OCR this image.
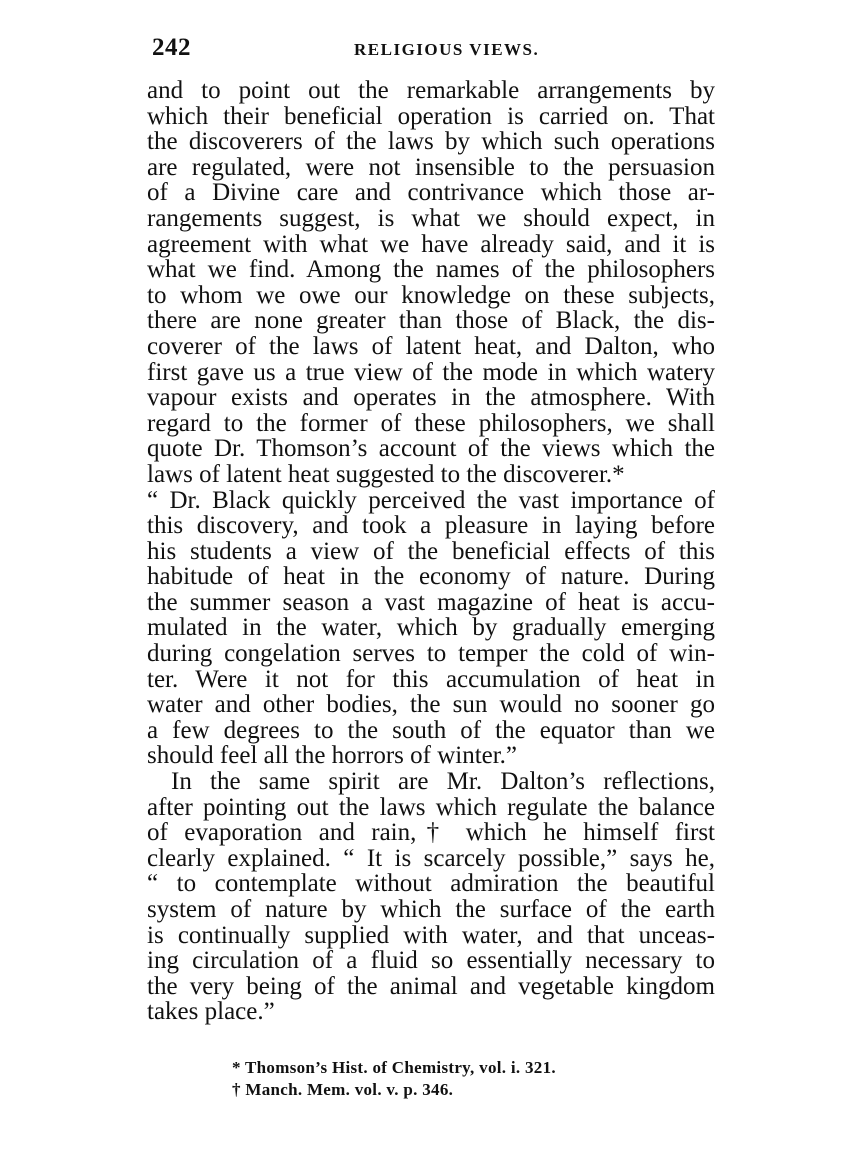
242	RELIGIOUS VIEWS.
and to point out the remarkable arrangements by
which their beneficial operation is carried on. That
the discoverers of the laws by which such operations
are regulated, were not insensible to the persuasion
of a Divine care and contrivance which those ar-
rangements suggest, is what we should expect, in
agreement with what we have already said, and it is
what we find. Among the names of the philosophers
to whom we owe our knowledge on these subjects,
there are none greater than those of Black, the dis-
coverer of the laws of latent heat, and Dalton, who
first gave us a true view of the mode in which watery
vapour exists and operates in the atmosphere. With
regard to the former of these philosophers, we shall
quote Dr. Thomson’s account of the views which the
laws of latent heat suggested to the discoverer.*
“ Dr. Black quickly perceived the vast importance of
this discovery, and took a pleasure in laying before
his students a view of the beneficial effects of this
habitude of heat in the economy of nature. During
the summer season a vast magazine of heat is accu-
mulated in the water, which by gradually emerging
during congelation serves to temper the cold of win-
ter. Were it not for this accumulation of heat in
water and other bodies, the sun would no sooner go
a few degrees to the south of the equator than we
should feel all the horrors of winter.”
In the same spirit are Mr. Dalton’s reflections,
after pointing out the laws which regulate the balance
of evaporation and rain,† which he himself first
clearly explained. “ It is scarcely possible,” says he,
“ to contemplate without admiration the beautiful
system of nature by which the surface of the earth
is continually supplied with water, and that unceas-
ing circulation of a fluid so essentially necessary to
the very being of the animal and vegetable kingdom
takes place.”
* Thomson’s Hist. of Chemistry, vol. i. 321.
† Manch. Mem. vol. v. p. 346.
